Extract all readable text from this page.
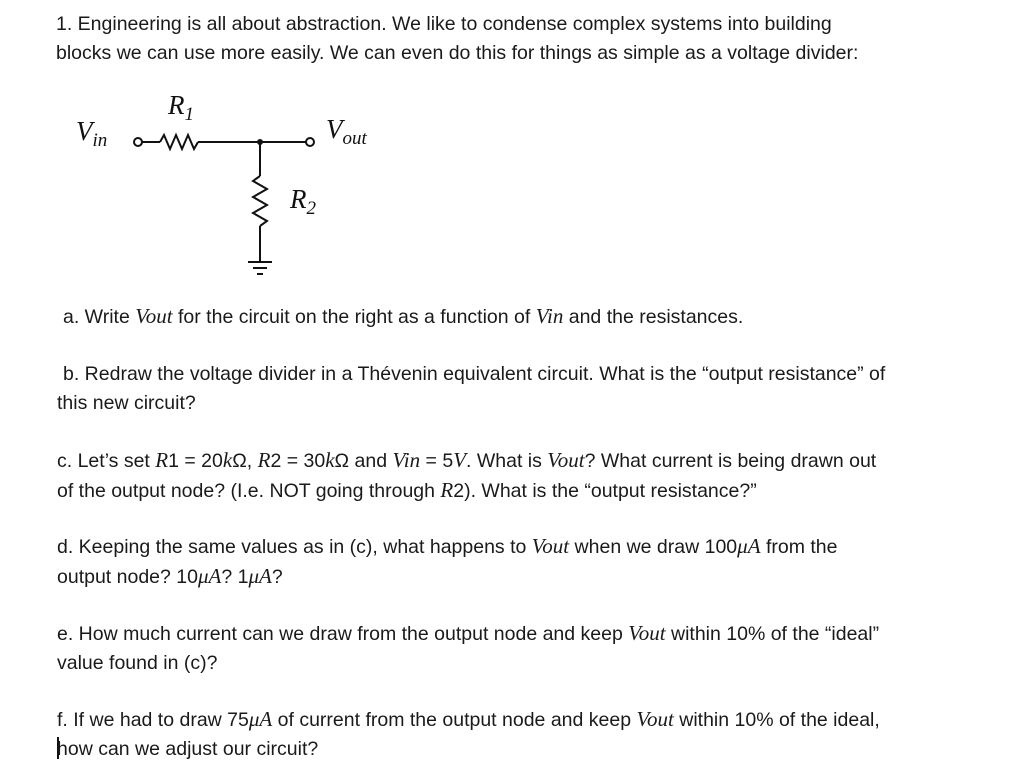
1. Engineering is all about abstraction. We like to condense complex systems into building
blocks we can use more easily. We can even do this for things as simple as a voltage divider:

$V_{in}$
$R_1$	$V_{out}$
$R_2$

a. Write Vout for the circuit on the right as a function of Vin and the resistances.

b. Redraw the voltage divider in a Thévenin equivalent circuit. What is the “output resistance” of
this new circuit?

c. Let’s set R1 = 20kΩ, R2 = 30kΩ and Vin = 5V. What is Vout? What current is being drawn out
of the output node? (I.e. NOT going through R2). What is the “output resistance?”

d. Keeping the same values as in (c), what happens to Vout when we draw 100μA from the
output node? 10μA? 1μA?

e. How much current can we draw from the output node and keep Vout within 10% of the “ideal”
value found in (c)?

f. If we had to draw 75μA of current from the output node and keep Vout within 10% of the ideal,
how can we adjust our circuit?
